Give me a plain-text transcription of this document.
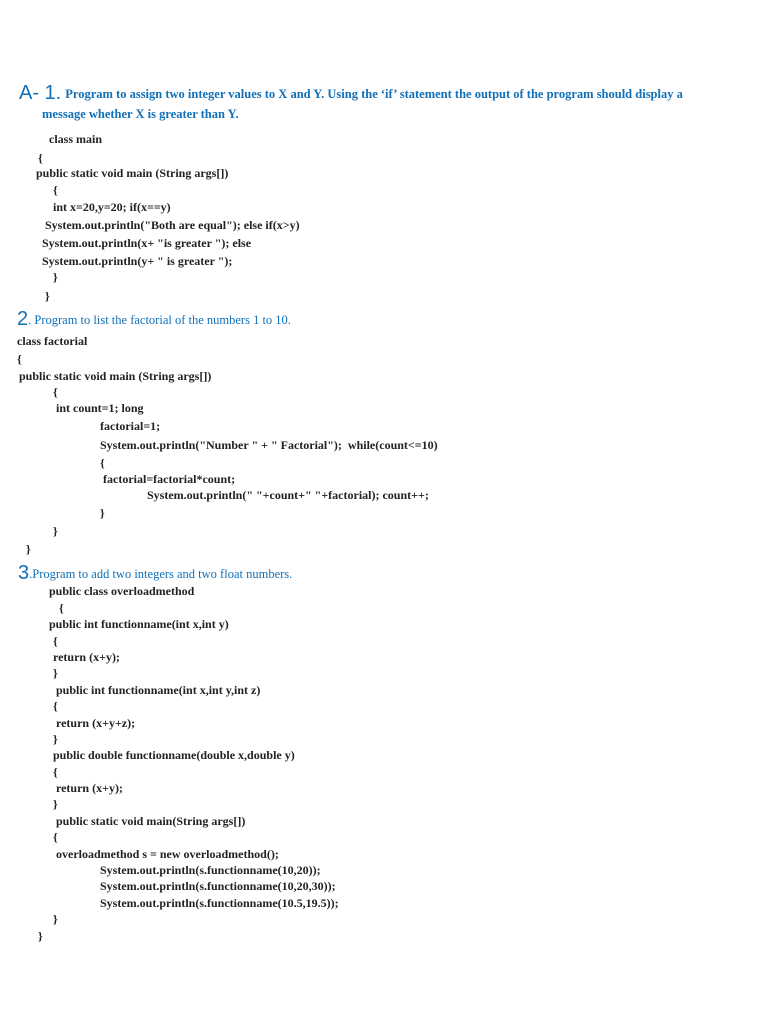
A- 1. Program to assign two integer values to X and Y. Using the ‘if’ statement the output of the program should display a
message whether X is greater than Y.
class main
{
public static void main (String args[])
{
int x=20,y=20; if(x==y)
System.out.println("Both are equal"); else if(x>y)
System.out.println(x+ "is greater "); else
System.out.println(y+ " is greater ");
}
}
2. Program to list the factorial of the numbers 1 to 10.
class factorial
{
public static void main (String args[])
{
int count=1; long
factorial=1;
System.out.println("Number " + " Factorial");  while(count<=10)
{
factorial=factorial*count;
System.out.println(" "+count+" "+factorial); count++;
}
}
}
3.Program to add two integers and two float numbers.
public class overloadmethod
{
public int functionname(int x,int y)
{
return (x+y);
}
public int functionname(int x,int y,int z)
{
return (x+y+z);
}
public double functionname(double x,double y)
{
return (x+y);
}
public static void main(String args[])
{
overloadmethod s = new overloadmethod();
System.out.println(s.functionname(10,20));
System.out.println(s.functionname(10,20,30));
System.out.println(s.functionname(10.5,19.5));
}
}
